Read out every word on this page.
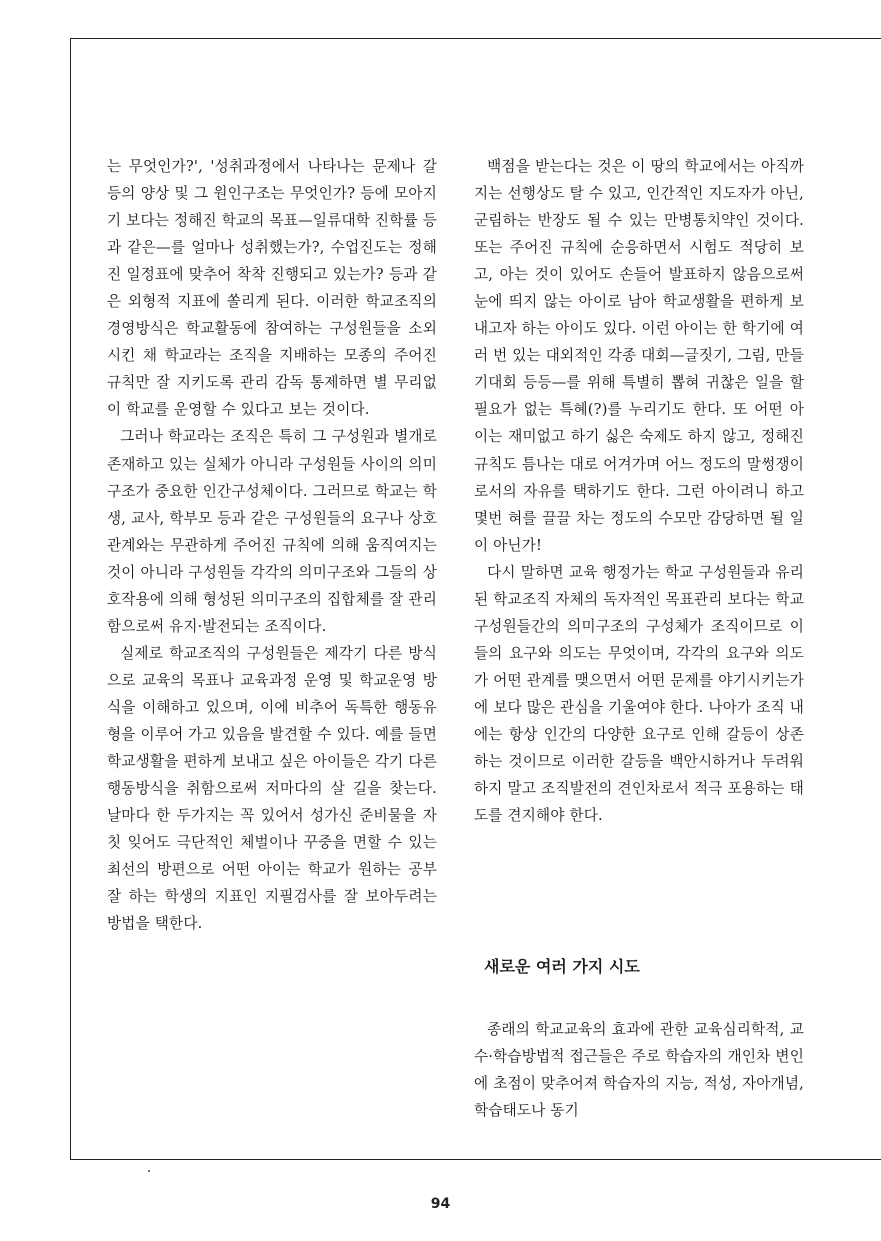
는 무엇인가?', '성취과정에서 나타나는 문제나 갈등의 양상 및 그 원인구조는 무엇인가? 등에 모아지기 보다는 정해진 학교의 목표—일류대학 진학률 등과 같은—를 얼마나 성취했는가?, 수업진도는 정해진 일정표에 맞추어 착착 진행되고 있는가? 등과 같은 외형적 지표에 쏠리게 된다. 이러한 학교조직의 경영방식은 학교활동에 참여하는 구성원들을 소외시킨 채 학교라는 조직을 지배하는 모종의 주어진 규칙만 잘 지키도록 관리 감독 통제하면 별 무리없이 학교를 운영할 수 있다고 보는 것이다.

그러나 학교라는 조직은 특히 그 구성원과 별개로 존재하고 있는 실체가 아니라 구성원들 사이의 의미구조가 중요한 인간구성체이다. 그러므로 학교는 학생, 교사, 학부모 등과 같은 구성원들의 요구나 상호관계와는 무관하게 주어진 규칙에 의해 움직여지는 것이 아니라 구성원들 각각의 의미구조와 그들의 상호작용에 의해 형성된 의미구조의 집합체를 잘 관리함으로써 유지·발전되는 조직이다.

실제로 학교조직의 구성원들은 제각기 다른 방식으로 교육의 목표나 교육과정 운영 및 학교운영 방식을 이해하고 있으며, 이에 비추어 독특한 행동유형을 이루어 가고 있음을 발견할 수 있다. 예를 들면 학교생활을 편하게 보내고 싶은 아이들은 각기 다른 행동방식을 취함으로써 저마다의 살 길을 찾는다. 날마다 한 두가지는 꼭 있어서 성가신 준비물을 자칫 잊어도 극단적인 체벌이나 꾸중을 면할 수 있는 최선의 방편으로 어떤 아이는 학교가 원하는 공부 잘 하는 학생의 지표인 지필검사를 잘 보아두려는 방법을 택한다.

백점을 받는다는 것은 이 땅의 학교에서는 아직까지는 선행상도 탈 수 있고, 인간적인 지도자가 아닌, 군림하는 반장도 될 수 있는 만병통치약인 것이다. 또는 주어진 규칙에 순응하면서 시험도 적당히 보고, 아는 것이 있어도 손들어 발표하지 않음으로써 눈에 띄지 않는 아이로 남아 학교생활을 편하게 보내고자 하는 아이도 있다. 이런 아이는 한 학기에 여러 번 있는 대외적인 각종 대회—글짓기, 그림, 만들기대회 등등—를 위해 특별히 뽑혀 귀찮은 일을 할 필요가 없는 특혜(?)를 누리기도 한다. 또 어떤 아이는 재미없고 하기 싫은 숙제도 하지 않고, 정해진 규칙도 틈나는 대로 어겨가며 어느 정도의 말썽쟁이로서의 자유를 택하기도 한다. 그런 아이려니 하고 몇번 혀를 끌끌 차는 정도의 수모만 감당하면 될 일이 아닌가!

다시 말하면 교육 행정가는 학교 구성원들과 유리된 학교조직 자체의 독자적인 목표관리 보다는 학교 구성원들간의 의미구조의 구성체가 조직이므로 이들의 요구와 의도는 무엇이며, 각각의 요구와 의도가 어떤 관계를 맺으면서 어떤 문제를 야기시키는가에 보다 많은 관심을 기울여야 한다. 나아가 조직 내에는 항상 인간의 다양한 요구로 인해 갈등이 상존하는 것이므로 이러한 갈등을 백안시하거나 두려워하지 말고 조직발전의 견인차로서 적극 포용하는 태도를 견지해야 한다.

새로운 여러 가지 시도

종래의 학교교육의 효과에 관한 교육심리학적, 교수·학습방법적 접근들은 주로 학습자의 개인차 변인에 초점이 맞추어져 학습자의 지능, 적성, 자아개념, 학습태도나 동기

94
